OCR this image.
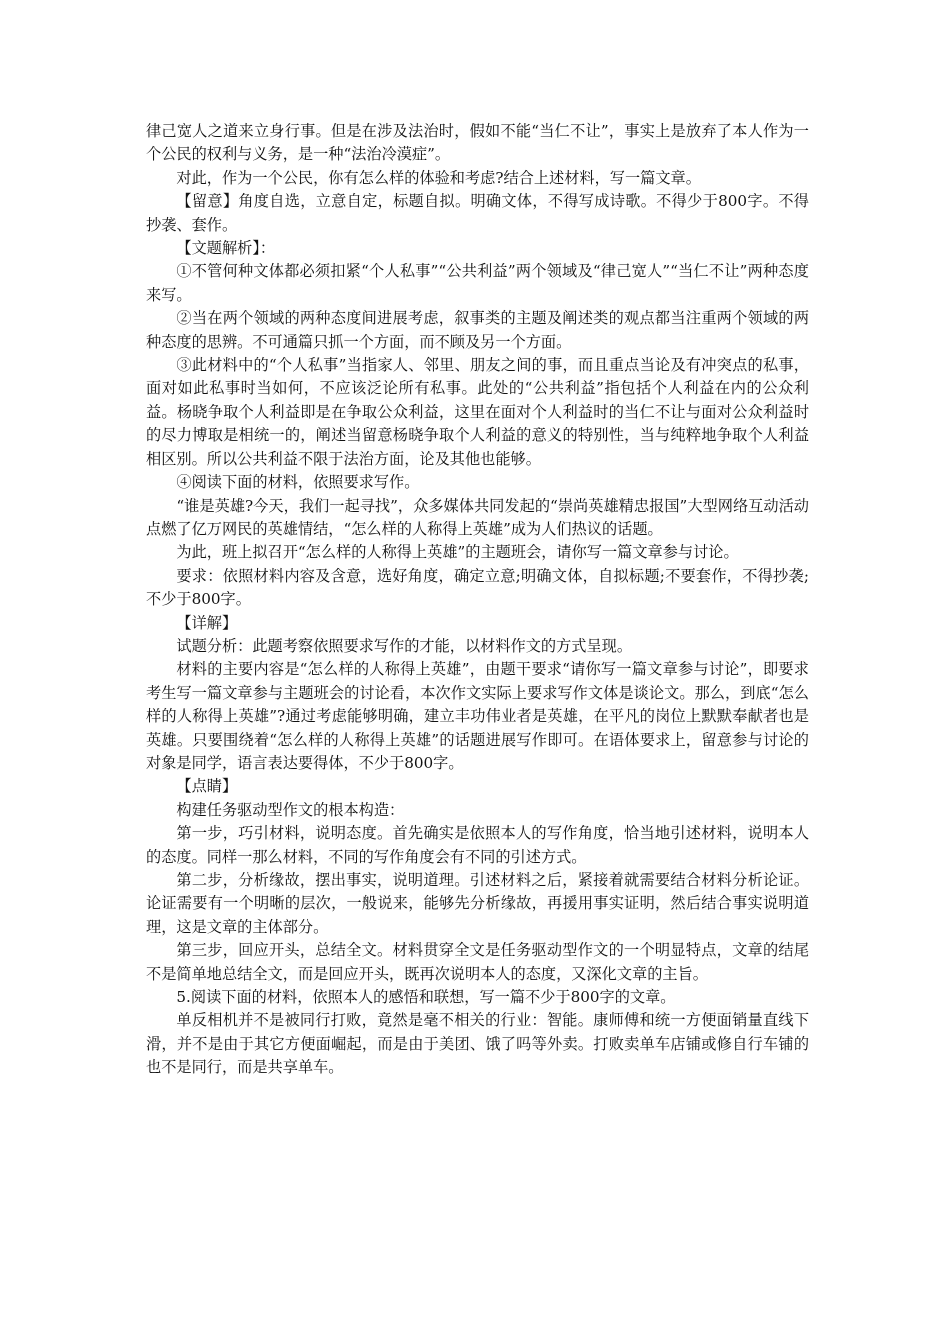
律己宽人之道来立身行事。但是在涉及法治时，假如不能“当仁不让”，事实上是放弃了本人作为一个公民的权利与义务，是一种“法治冷漠症”。

对此，作为一个公民，你有怎么样的体验和考虑?结合上述材料，写一篇文章。

【留意】角度自选，立意自定，标题自拟。明确文体，不得写成诗歌。不得少于800字。不得抄袭、套作。

【文题解析】：

①不管何种文体都必须扣紧“个人私事”“公共利益”两个领域及“律己宽人”“当仁不让”两种态度来写。

②当在两个领域的两种态度间进展考虑，叙事类的主题及阐述类的观点都当注重两个领域的两种态度的思辨。不可通篇只抓一个方面，而不顾及另一个方面。

③此材料中的“个人私事”当指家人、邻里、朋友之间的事，而且重点当论及有冲突点的私事，面对如此私事时当如何，不应该泛论所有私事。此处的“公共利益”指包括个人利益在内的公众利益。杨晓争取个人利益即是在争取公众利益，这里在面对个人利益时的当仁不让与面对公众利益时的尽力博取是相统一的，阐述当留意杨晓争取个人利益的意义的特别性，当与纯粹地争取个人利益相区别。所以公共利益不限于法治方面，论及其他也能够。

④阅读下面的材料，依照要求写作。

“谁是英雄?今天，我们一起寻找”，众多媒体共同发起的“崇尚英雄精忠报国”大型网络互动活动点燃了亿万网民的英雄情结，“怎么样的人称得上英雄”成为人们热议的话题。

为此，班上拟召开“怎么样的人称得上英雄”的主题班会，请你写一篇文章参与讨论。

要求：依照材料内容及含意，选好角度，确定立意;明确文体，自拟标题;不要套作，不得抄袭;不少于800字。

【详解】

试题分析：此题考察依照要求写作的才能，以材料作文的方式呈现。

材料的主要内容是“怎么样的人称得上英雄”，由题干要求“请你写一篇文章参与讨论”，即要求考生写一篇文章参与主题班会的讨论看，本次作文实际上要求写作文体是谈论文。那么，到底“怎么样的人称得上英雄”?通过考虑能够明确，建立丰功伟业者是英雄，在平凡的岗位上默默奉献者也是英雄。只要围绕着“怎么样的人称得上英雄”的话题进展写作即可。在语体要求上，留意参与讨论的对象是同学，语言表达要得体，不少于800字。

【点睛】

构建任务驱动型作文的根本构造：

第一步，巧引材料，说明态度。首先确实是依照本人的写作角度，恰当地引述材料，说明本人的态度。同样一那么材料，不同的写作角度会有不同的引述方式。

第二步，分析缘故，摆出事实，说明道理。引述材料之后，紧接着就需要结合材料分析论证。论证需要有一个明晰的层次，一般说来，能够先分析缘故，再援用事实证明，然后结合事实说明道理，这是文章的主体部分。

第三步，回应开头，总结全文。材料贯穿全文是任务驱动型作文的一个明显特点，文章的结尾不是简单地总结全文，而是回应开头，既再次说明本人的态度，又深化文章的主旨。

5.阅读下面的材料，依照本人的感悟和联想，写一篇不少于800字的文章。

单反相机并不是被同行打败，竟然是毫不相关的行业：智能。康师傅和统一方便面销量直线下滑，并不是由于其它方便面崛起，而是由于美团、饿了吗等外卖。打败卖单车店铺或修自行车铺的也不是同行，而是共享单车。
